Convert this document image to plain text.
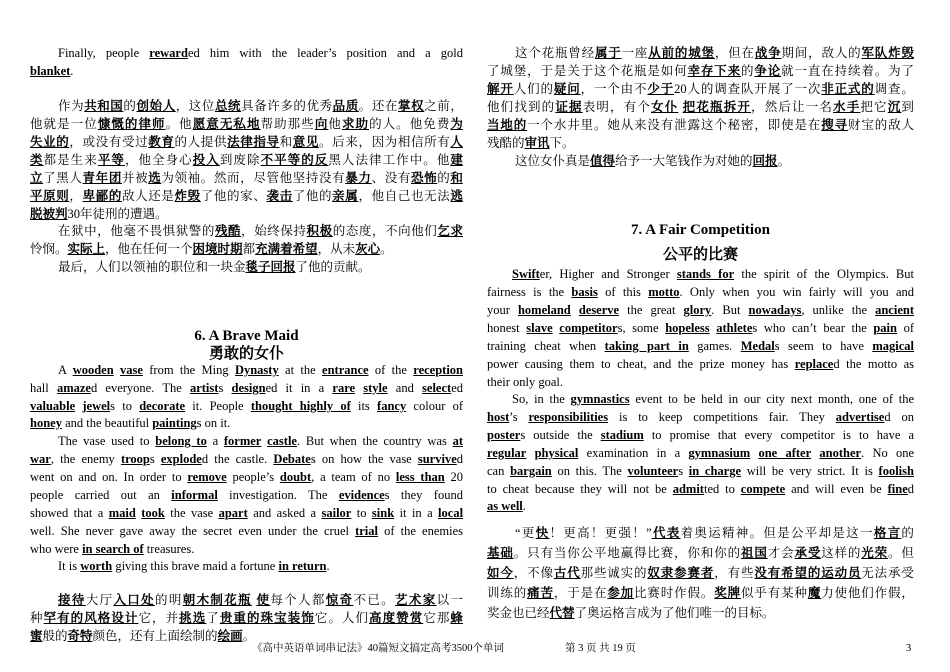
Finally, people rewarded him with the leader’s position and a gold
blanket.
作为共和国的创始人，这位总统具备许多的优秀品质。还在掌权之前，
他就是一位慷慨的律师。他愿意无私地帮助那些向他求助的人。他免费为
失业的，或没有受过教育的人提供法律指导和意见。后来，因为相信所有人
类都是生来平等，他全身心投入到废除不平等的反黑人法律工作中。他建
立了黑人青年团并被选为领袖。然而，尽管他坚持没有暴力、没有恐怖的和
平原则，卑鄙的敌人还是炸毁了他的家、袭击了他的亲属，他自己也无法逃
脱被判30年徒刑的遭遇。
在狱中，他毫不畏惧狱警的残酷，始终保持积极的态度，不向他们乞求
怜悯。实际上，他在任何一个困境时期都充满着希望，从未灰心。
最后，人们以领袖的职位和一块金毯子回报了他的贡献。
A wooden vase from the Ming Dynasty at the entrance of the reception
hall amazed everyone. The artists designed it in a rare style and selected
valuable jewels to decorate it. People thought highly of its fancy colour of
honey and the beautiful paintings on it.
The vase used to belong to a former castle. But when the country was at
war, the enemy troops exploded the castle. Debates on how the vase survived
went on and on. In order to remove people’s doubt, a team of no less than 20
people carried out an informal investigation. The evidences they found
showed that a maid took the vase apart and asked a sailor to sink it in a local
well. She never gave away the secret even under the cruel trial of the enemies
who were in search of treasures.
It is worth giving this brave maid a fortune in return.
接待大厅入口处的明朝木制花瓶 使每个人都惊奇不已。艺术家以一
种罕有的风格设计它，并挑选了贵重的珠宝装饰它。人们高度赞赏它那蜂
蜜般的奇特颜色，还有上面绘制的绘画。
6. A Brave Maid
勇敢的女仆
这个花瓶曾经属于一座从前的城堡，但在战争期间，敌人的军队炸毁
了城堡，于是关于这个花瓶是如何幸存下来的争论就一直在持续着。为了
解开人们的疑问，一个由不少于20人的调查队开展了一次非正式的调查。
他们找到的证据表明，有个女仆 把花瓶拆开，然后让一名水手把它沉到
当地的一个水井里。她从来没有泄露这个秘密，即使是在搜寻财宝的敌人
残酷的审讯下。
这位女仆真是值得给予一大笔钱作为对她的回报。
Swifter, Higher and Stronger stands for the spirit of the Olympics. But
fairness is the basis of this motto. Only when you win fairly will you and
your homeland deserve the great glory. But nowadays, unlike the ancient
honest slave competitors, some hopeless athletes who can’t bear the pain of
training cheat when taking part in games. Medals seem to have magical
power causing them to cheat, and the prize money has replaced the motto as
their only goal.
So, in the gymnastics event to be held in our city next month, one of the
host’s responsibilities is to keep competitions fair. They advertised on
posters outside the stadium to promise that every competitor is to have a
regular physical examination in a gymnasium one after another. No one
can bargain on this. The volunteers in charge will be very strict. It is foolish
to cheat because they will not be admitted to compete and will even be fined
as well.
“更快！更高！更强！”代表着奥运精神。但是公平却是这一格言的
基础。只有当你公平地赢得比赛，你和你的祖国才会承受这样的光荣。但
如今，不像古代那些诚实的奴隶参赛者，有些没有希望的运动员无法承受
训练的痛苦，于是在参加比赛时作假。奖牌似乎有某种魔力使他们作假，
奖金也已经代替了奥运格言成为了他们唯一的目标。
7. A Fair Competition
公平的比赛
《高中英语单词串记法》40篇短文搞定高考3500个单词	第 3 页 共 19 页	3
